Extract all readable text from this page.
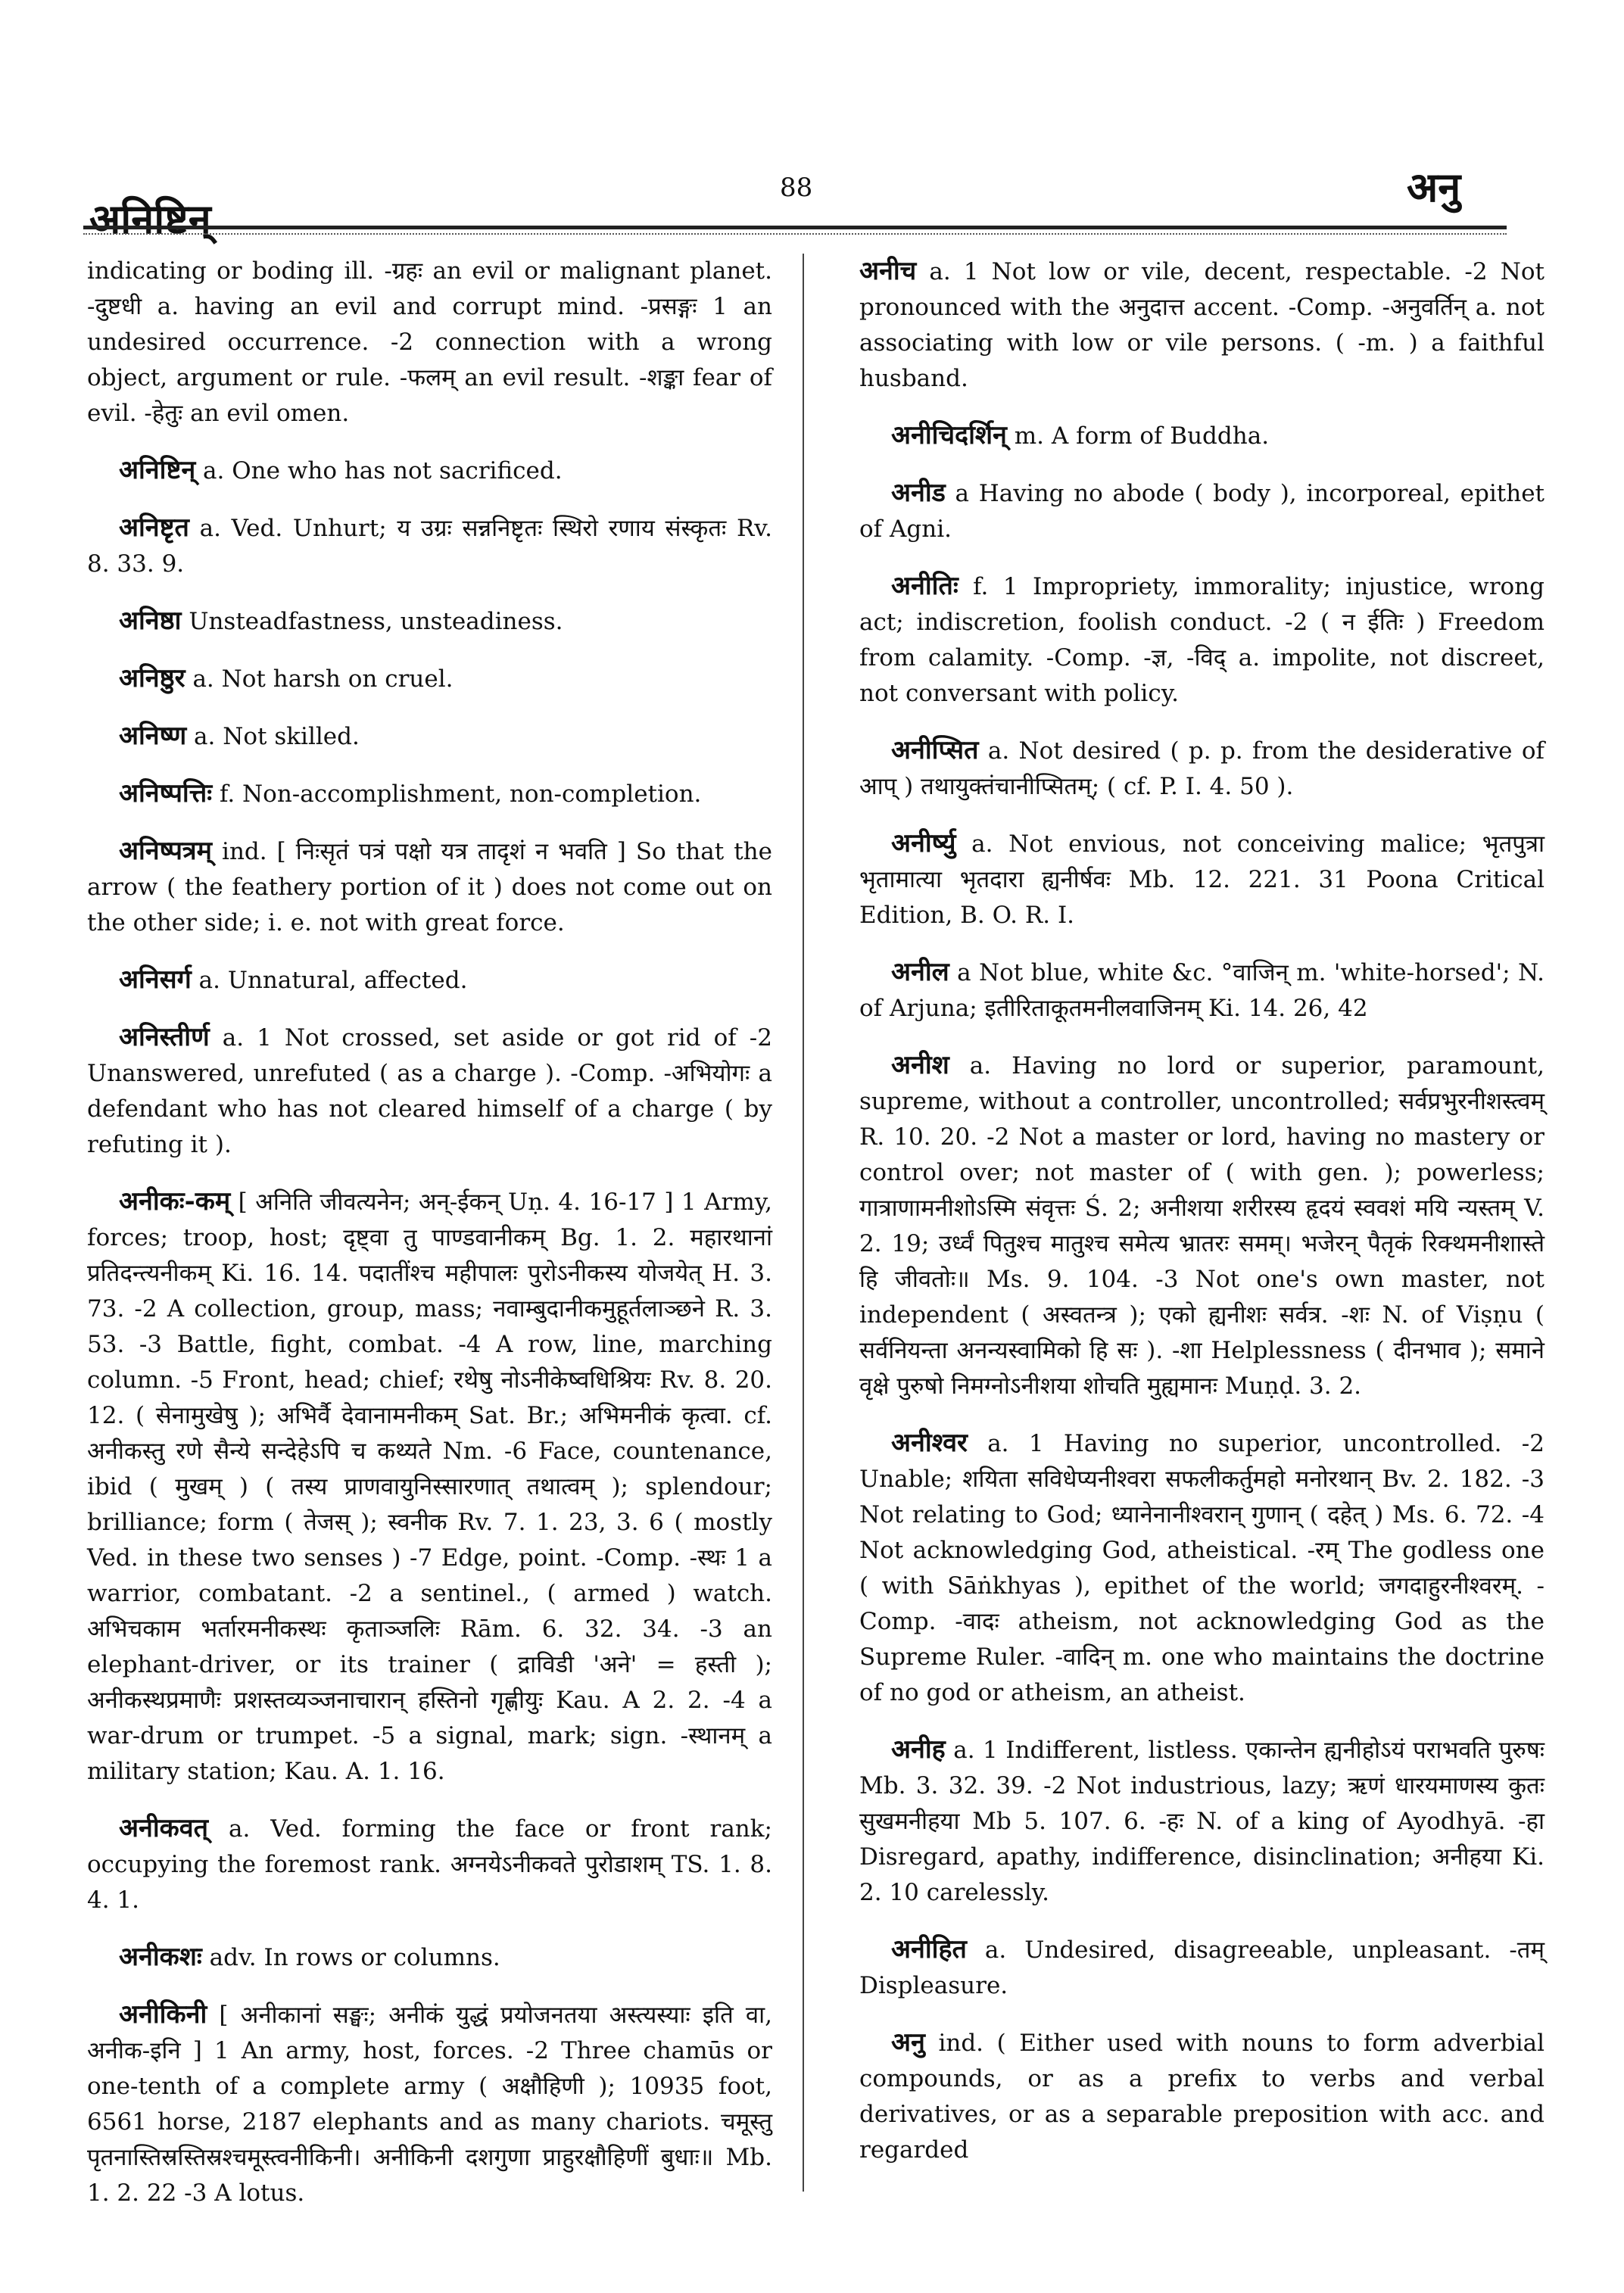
अनिष्टिन्
88	अनु

indicating or boding ill. -ग्रहः an evil or malignant planet. -दुष्टधी a. having an evil and corrupt mind. -प्रसङ्गः 1 an undesired occurrence. -2 connection with a wrong object, argument or rule. -फलम् an evil result. -शङ्का fear of evil. -हेतुः an evil omen.

अनिष्टिन् a. One who has not sacrificed.

अनिष्टृत a. Ved. Unhurt; य उग्रः सन्ननिष्टृतः स्थिरो रणाय संस्कृतः Rv. 8. 33. 9.

अनिष्ठा Unsteadfastness, unsteadiness.

अनिष्ठुर a. Not harsh on cruel.

अनिष्ण a. Not skilled.

अनिष्पत्तिः f. Non-accomplishment, non-completion.

अनिष्पत्रम् ind. [ निःसृतं पत्रं पक्षो यत्र तादृशं न भवति ] So that the arrow ( the feathery portion of it ) does not come out on the other side; i. e. not with great force.

अनिसर्ग a. Unnatural, affected.

अनिस्तीर्ण a. 1 Not crossed, set aside or got rid of -2 Unanswered, unrefuted ( as a charge ). -Comp. -अभियोगः a defendant who has not cleared himself of a charge ( by refuting it ).

अनीकः-कम् [ अनिति जीवत्यनेन; अन्-ईकन् Uṇ. 4. 16-17 ] 1 Army, forces; troop, host; दृष्ट्वा तु पाण्डवानीकम् Bg. 1. 2. महारथानां प्रतिदन्त्यनीकम् Ki. 16. 14. पदातींश्च महीपालः पुरोऽनीकस्य योजयेत् H. 3. 73. -2 A collection, group, mass; नवाम्बुदानीकमुहूर्तलाञ्छने R. 3. 53. -3 Battle, fight, combat. -4 A row, line, marching column. -5 Front, head; chief; रथेषु नोऽनीकेष्वधिश्रियः Rv. 8. 20. 12. ( सेनामुखेषु ); अभिर्वै देवानामनीकम् Sat. Br.; अभिमनीकं कृत्वा. cf. अनीकस्तु रणे सैन्ये सन्देहेऽपि च कथ्यते Nm. -6 Face, countenance, ibid ( मुखम् ) ( तस्य प्राणवायुनिस्सारणात् तथात्वम् ); splendour; brilliance; form ( तेजस् ); स्वनीक Rv. 7. 1. 23, 3. 6 ( mostly Ved. in these two senses ) -7 Edge, point. -Comp. -स्थः 1 a warrior, combatant. -2 a sentinel., ( armed ) watch. अभिचकाम भर्तारमनीकस्थः कृताञ्जलिः Rām. 6. 32. 34. -3 an elephant-driver, or its trainer ( द्राविडी 'अने' = हस्ती ); अनीकस्थप्रमाणैः प्रशस्तव्यञ्जनाचारान् हस्तिनो गृह्णीयुः Kau. A 2. 2. -4 a war-drum or trumpet. -5 a signal, mark; sign. -स्थानम् a military station; Kau. A. 1. 16.

अनीकवत् a. Ved. forming the face or front rank; occupying the foremost rank. अग्नयेऽनीकवते पुरोडाशम् TS. 1. 8. 4. 1.

अनीकशः adv. In rows or columns.

अनीकिनी [ अनीकानां सङ्घः; अनीकं युद्धं प्रयोजनतया अस्त्यस्याः इति वा, अनीक-इनि ] 1 An army, host, forces. -2 Three chamūs or one-tenth of a complete army ( अक्षौहिणी ); 10935 foot, 6561 horse, 2187 elephants and as many chariots. चमूस्तु पृतनास्तिस्रस्तिस्रश्चमूस्त्वनीकिनी। अनीकिनी दशगुणा प्राहुरक्षौहिणीं बुधाः॥ Mb. 1. 2. 22 -3 A lotus.

अनीच a. 1 Not low or vile, decent, respectable. -2 Not pronounced with the अनुदात्त accent. -Comp. -अनुवर्तिन् a. not associating with low or vile persons. ( -m. ) a faithful husband.

अनीचिदर्शिन् m. A form of Buddha.

अनीड a Having no abode ( body ), incorporeal, epithet of Agni.

अनीतिः f. 1 Impropriety, immorality; injustice, wrong act; indiscretion, foolish conduct. -2 ( न ईतिः ) Freedom from calamity. -Comp. -ज्ञ, -विद् a. impolite, not discreet, not conversant with policy.

अनीप्सित a. Not desired ( p. p. from the desiderative of आप् ) तथायुक्तंचानीप्सितम्; ( cf. P. I. 4. 50 ).

अनीर्ष्यु a. Not envious, not conceiving malice; भृतपुत्रा भृतामात्या भृतदारा ह्यनीर्षवः Mb. 12. 221. 31 Poona Critical Edition, B. O. R. I.

अनील a Not blue, white &c. °वाजिन् m. 'white-horsed'; N. of Arjuna; इतीरिताकूतमनीलवाजिनम् Ki. 14. 26, 42

अनीश a. Having no lord or superior, paramount, supreme, without a controller, uncontrolled; सर्वप्रभुरनीशस्त्वम् R. 10. 20. -2 Not a master or lord, having no mastery or control over; not master of ( with gen. ); powerless; गात्राणामनीशोऽस्मि संवृत्तः Ś. 2; अनीशया शरीरस्य हृदयं स्ववशं मयि न्यस्तम् V. 2. 19; उर्ध्वं पितुश्च मातुश्च समेत्य भ्रातरः समम्। भजेरन् पैतृकं रिक्थमनीशास्ते हि जीवतोः॥ Ms. 9. 104. -3 Not one's own master, not independent ( अस्वतन्त्र ); एको ह्यनीशः सर्वत्र. -शः N. of Viṣṇu ( सर्वनियन्ता अनन्यस्वामिको हि सः ). -शा Helplessness ( दीनभाव ); समाने वृक्षे पुरुषो निमग्नोऽनीशया शोचति मुह्यमानः Muṇḍ. 3. 2.

अनीश्वर a. 1 Having no superior, uncontrolled. -2 Unable; शयिता सविधेप्यनीश्वरा सफलीकर्तुमहो मनोरथान् Bv. 2. 182. -3 Not relating to God; ध्यानेनानीश्वरान् गुणान् ( दहेत् ) Ms. 6. 72. -4 Not acknowledging God, atheistical. -रम् The godless one ( with Sāṅkhyas ), epithet of the world; जगदाहुरनीश्वरम्. -Comp. -वादः atheism, not acknowledging God as the Supreme Ruler. -वादिन् m. one who maintains the doctrine of no god or atheism, an atheist.

अनीह a. 1 Indifferent, listless. एकान्तेन ह्यनीहोऽयं पराभवति पुरुषः Mb. 3. 32. 39. -2 Not industrious, lazy; ऋणं धारयमाणस्य कुतः सुखमनीहया Mb 5. 107. 6. -हः N. of a king of Ayodhyā. -हा Disregard, apathy, indifference, disinclination; अनीहया Ki. 2. 10 carelessly.

अनीहित a. Undesired, disagreeable, unpleasant. -तम् Displeasure.

अनु ind. ( Either used with nouns to form adverbial compounds, or as a prefix to verbs and verbal derivatives, or as a separable preposition with acc. and regarded
